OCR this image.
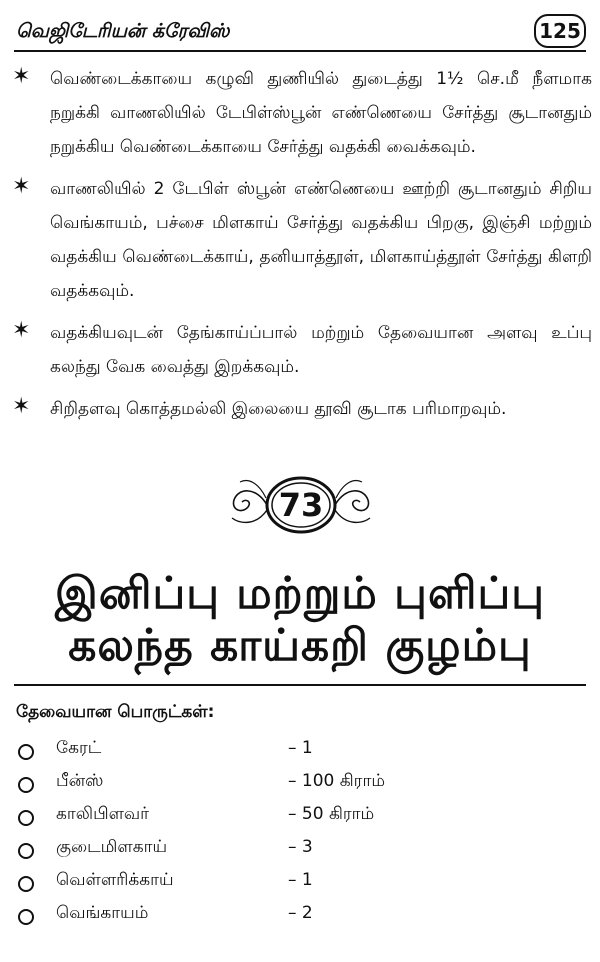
வெஜிடேரியன் க்ரேவிஸ்	125
✶ வெண்டைக்காயை கழுவி துணியில் துடைத்து 1½ செ.மீ நீளமாக நறுக்கி வாணலியில் டேபிள்ஸ்பூன் எண்ணெயை சேர்த்து சூடானதும் நறுக்கிய வெண்டைக்காயை சேர்த்து வதக்கி வைக்கவும்.
✶ வாணலியில் 2 டேபிள் ஸ்பூன் எண்ணெயை ஊற்றி சூடானதும் சிறிய வெங்காயம், பச்சை மிளகாய் சேர்த்து வதக்கிய பிறகு, இஞ்சி மற்றும் வதக்கிய வெண்டைக்காய், தனியாத்தூள், மிளகாய்த்தூள் சேர்த்து கிளறி வதக்கவும்.
✶ வதக்கியவுடன் தேங்காய்ப்பால் மற்றும் தேவையான அளவு உப்பு கலந்து வேக வைத்து இறக்கவும்.
✶ சிறிதளவு கொத்தமல்லி இலையை தூவி சூடாக பரிமாறவும்.
73
இனிப்பு மற்றும் புளிப்பு
கலந்த காய்கறி குழம்பு
தேவையான பொருட்கள்:
கேரட்	– 1
பீன்ஸ்	– 100 கிராம்
காலிபிளவர்	– 50 கிராம்
குடைமிளகாய்	– 3
வெள்ளரிக்காய்	– 1
வெங்காயம்	– 2
